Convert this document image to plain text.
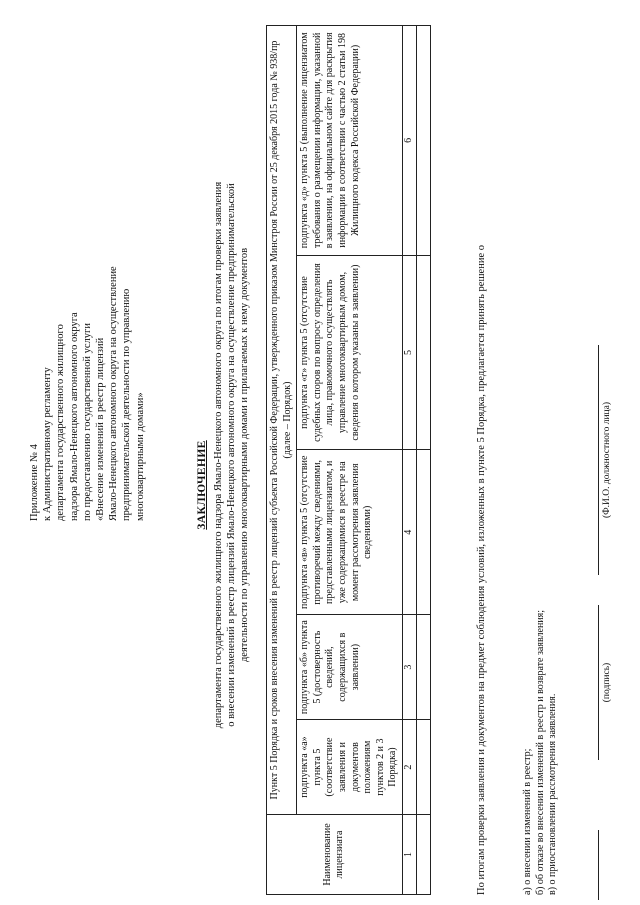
Приложение № 4 к Административному регламенту департамента государственного жилищного надзора Ямало-Ненецкого автономного округа по предоставлению государственной услуги «Внесение изменений в реестр лицензий Ямало-Ненецкого автономного округа на осуществление предпринимательской деятельности по управлению многоквартирными домами»	ЗАКЛЮЧЕНИЕ департамента государственного жилищного надзора Ямало-Ненецкого автономного округа по итогам проверки заявления о внесении изменений в реестр лицензий Ямало-Ненецкого автономного округа на осуществление предпринимательской деятельности по управлению многоквартирными домами и прилагаемых к нему документов
Наименование лицензиата	Пункт 5 Порядка и сроков внесения изменений в реестр лицензий субъекта Российской Федерации, утвержденного приказом Минстроя России от 25 декабря 2015 года № 938/пр (далее – Порядок)				
	подпункта «а» пункта 5 (соответствие заявления и документов положениям пунктов 2 и 3 Порядка)	подпункта «б» пункта 5 (достоверность сведений, содержащихся в заявлении)	подпункта «в» пункта 5 (отсутствие противоречий между сведениями, представленными лицензиатом, и уже содержащимися в реестре на момент рассмотрения заявления сведениями)	подпункта «г» пункта 5 (отсутствие судебных споров по вопросу определения лица, правомочного осуществлять управление многоквартирным домом, сведения о котором указаны в заявлении)	подпункта «д» пункта 5 (выполнение лицензиатом требования о размещении информации, указанной в заявлении, на официальном сайте для раскрытия информации в соответствии с частью 2 статьи 198 Жилищного кодекса Российской Федерации)
1	2	3	4	5	6

По итогам проверки заявления и документов на предмет соблюдения условий, изложенных в пункте 5 Порядка, предлагается принять решение о	а) о внесении изменений в реестр; б) об отказе во внесении изменений в реестр и возврате заявления; в) о приостановлении рассмотрения заявления.
(подпись)
(Ф.И.О. должностного лица)
